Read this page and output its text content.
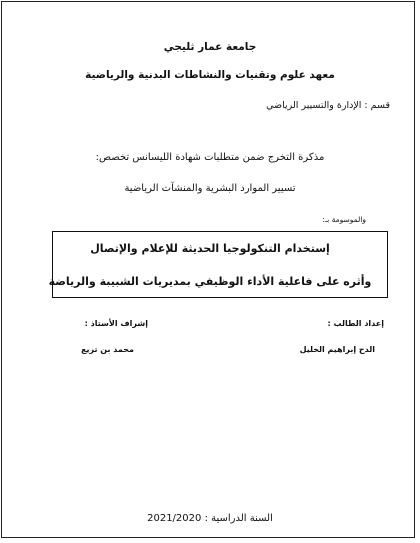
جامعة عمار ثليجي
معهد علوم وتقنيات والنشاطات البدنية والرياضية
قسم : الإدارة والتسيير الرياضي
مذكرة التخرج ضمن متطلبات شهادة الليسانس تخصص:
تسيير الموارد البشرية والمنشآت الرياضية
والموسومة بـ:
إستخدام التنكولوجيا الحديثة للإعلام والإتصال
وأثره على فاعلية الأداء الوظيفي بمديريات الشبيبة والرياضة
إعداد الطالب :
الدح إبراهيم الخليل
إشراف الأستاذ :
محمد بن تريع
السنة الدراسية : 2021/2020
